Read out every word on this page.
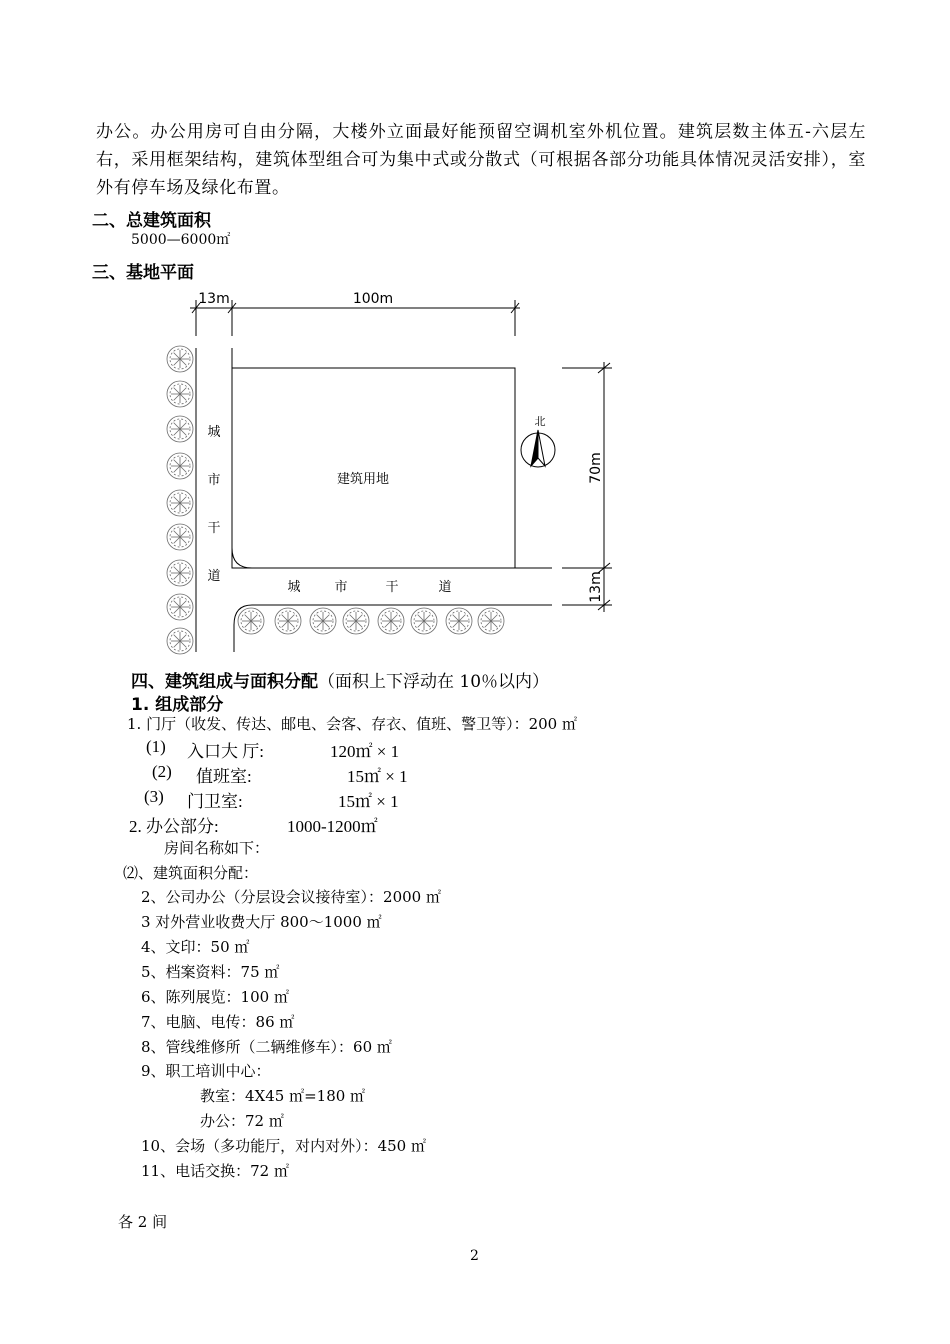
办公。办公用房可自由分隔，大楼外立面最好能预留空调机室外机位置。建筑层数主体五-六层左右，采用框架结构，建筑体型组合可为集中式或分散式（可根据各部分功能具体情况灵活安排），室外有停车场及绿化布置。
二、总建筑面积
5000—6000㎡
三、基地平面
13m	100m
70m
13m
建筑用地
北
城
市
干
道
城	市	干	道
四、建筑组成与面积分配（面积上下浮动在 10％以内）
1. 组成部分
1. 门厅（收发、传达、邮电、会客、存衣、值班、警卫等）：200 ㎡
(1) 入口大 厅:	120㎡ × 1
(2) 值班室:	15㎡ × 1
(3) 门卫室:	15㎡ × 1
2. 办公部分:	1000-1200㎡
房间名称如下：
⑵、建筑面积分配：
2、公司办公（分层设会议接待室）：2000 ㎡
3 对外营业收费大厅 800～1000 ㎡
4、文印：50 ㎡
5、档案资料：75 ㎡
6、陈列展览：100 ㎡
7、电脑、电传：86 ㎡
8、管线维修所（二辆维修车）：60 ㎡
9、职工培训中心：
教室：4X45 ㎡=180 ㎡
办公：72 ㎡
10、会场（多功能厅，对内对外）：450 ㎡
11、电话交换：72 ㎡
各 2 间
2
